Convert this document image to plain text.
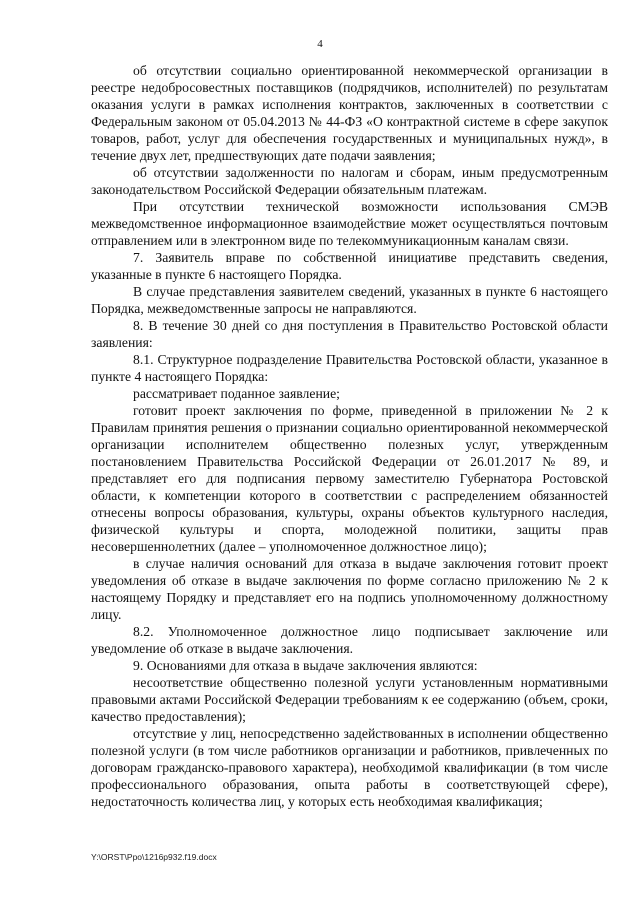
4

об отсутствии социально ориентированной некоммерческой организации в реестре недобросовестных поставщиков (подрядчиков, исполнителей) по результатам оказания услуги в рамках исполнения контрактов, заключенных в соответствии с Федеральным законом от 05.04.2013 № 44-ФЗ «О контрактной системе в сфере закупок товаров, работ, услуг для обеспечения государственных и муниципальных нужд», в течение двух лет, предшествующих дате подачи заявления;

об отсутствии задолженности по налогам и сборам, иным предусмотренным законодательством Российской Федерации обязательным платежам.

При отсутствии технической возможности использования СМЭВ межведомственное информационное взаимодействие может осуществляться почтовым отправлением или в электронном виде по телекоммуникационным каналам связи.

7. Заявитель вправе по собственной инициативе представить сведения, указанные в пункте 6 настоящего Порядка.

В случае представления заявителем сведений, указанных в пункте 6 настоящего Порядка, межведомственные запросы не направляются.

8. В течение 30 дней со дня поступления в Правительство Ростовской области заявления:

8.1. Структурное подразделение Правительства Ростовской области, указанное в пункте 4 настоящего Порядка:

рассматривает поданное заявление;

готовит проект заключения по форме, приведенной в приложении № 2 к Правилам принятия решения о признании социально ориентированной некоммерческой организации исполнителем общественно полезных услуг, утвержденным постановлением Правительства Российской Федерации от 26.01.2017 № 89, и представляет его для подписания первому заместителю Губернатора Ростовской области, к компетенции которого в соответствии с распределением обязанностей отнесены вопросы образования, культуры, охраны объектов культурного наследия, физической культуры и спорта, молодежной политики, защиты прав несовершеннолетних (далее – уполномоченное должностное лицо);

в случае наличия оснований для отказа в выдаче заключения готовит проект уведомления об отказе в выдаче заключения по форме согласно приложению № 2 к настоящему Порядку и представляет его на подпись уполномоченному должностному лицу.

8.2. Уполномоченное должностное лицо подписывает заключение или уведомление об отказе в выдаче заключения.

9. Основаниями для отказа в выдаче заключения являются:

несоответствие общественно полезной услуги установленным нормативными правовыми актами Российской Федерации требованиям к ее содержанию (объем, сроки, качество предоставления);

отсутствие у лиц, непосредственно задействованных в исполнении общественно полезной услуги (в том числе работников организации и работников, привлеченных по договорам гражданско-правового характера), необходимой квалификации (в том числе профессионального образования, опыта работы в соответствующей сфере), недостаточность количества лиц, у которых есть необходимая квалификация;

Y:\ORST\Ppo\1216p932.f19.docx
